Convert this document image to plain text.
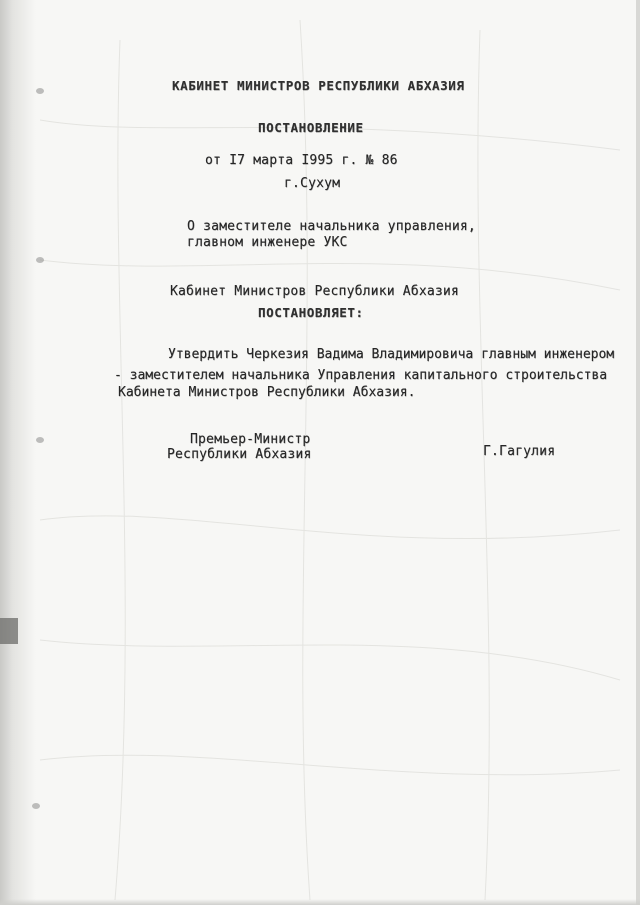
КАБИНЕТ МИНИСТРОВ РЕСПУБЛИКИ АБХАЗИЯ
ПОСТАНОВЛЕНИЕ
от I7 марта I995 г. № 86
г.Сухум
О заместителе начальника управления,
главном инженере УКС
Кабинет Министров Республики Абхазия
ПОСТАНОВЛЯЕТ:
Утвердить Черкезия Вадима Владимировича главным инженером
- заместителем начальника Управления капитального строительства
Кабинета Министров Республики Абхазия.
Премьер-Министр
Республики Абхазия	Г.Гагулия
